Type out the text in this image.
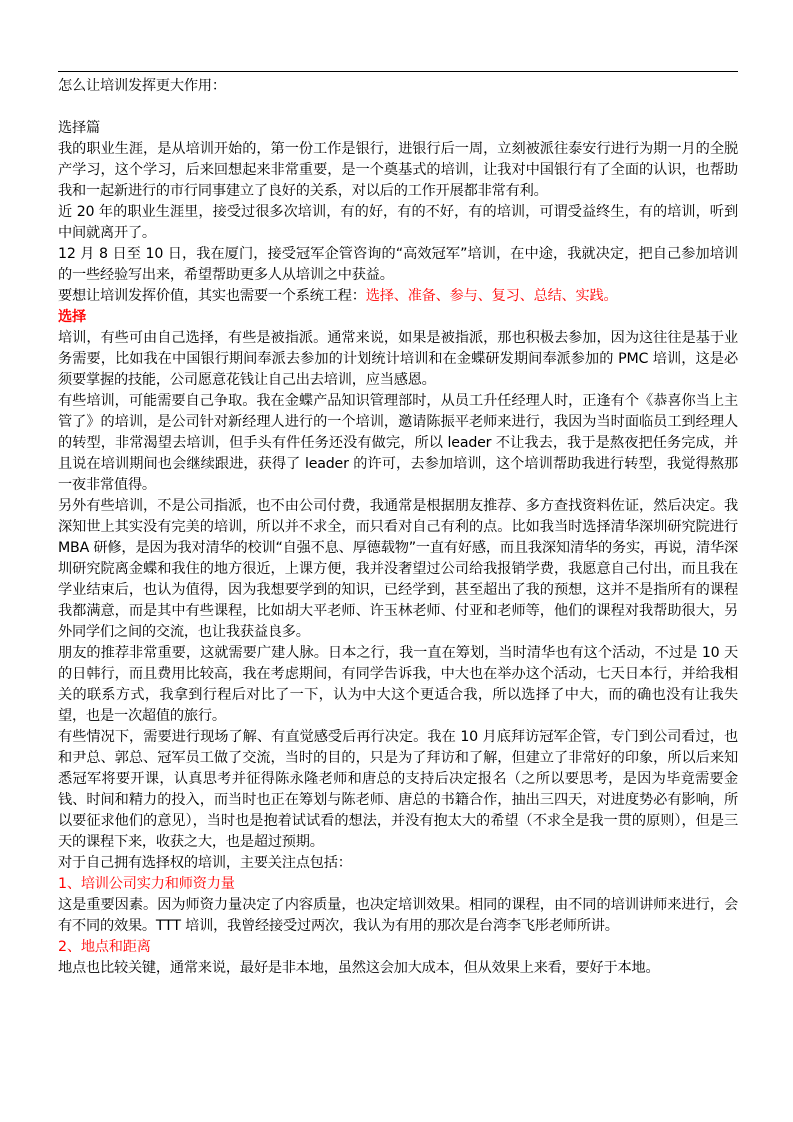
怎么让培训发挥更大作用：

选择篇

我的职业生涯，是从培训开始的，第一份工作是银行，进银行后一周，立刻被派往泰安行进行为期一月的全脱产学习，这个学习，后来回想起来非常重要，是一个奠基式的培训，让我对中国银行有了全面的认识，也帮助我和一起新进行的市行同事建立了良好的关系，对以后的工作开展都非常有利。

近 20 年的职业生涯里，接受过很多次培训，有的好，有的不好，有的培训，可谓受益终生，有的培训，听到中间就离开了。

12 月 8 日至 10 日，我在厦门，接受冠军企管咨询的“高效冠军”培训，在中途，我就决定，把自己参加培训的一些经验写出来，希望帮助更多人从培训之中获益。

要想让培训发挥价值，其实也需要一个系统工程：选择、准备、参与、复习、总结、实践。

选择

培训，有些可由自己选择，有些是被指派。通常来说，如果是被指派，那也积极去参加，因为这往往是基于业务需要，比如我在中国银行期间奉派去参加的计划统计培训和在金蝶研发期间奉派参加的 PMC 培训，这是必须要掌握的技能，公司愿意花钱让自己出去培训，应当感恩。

有些培训，可能需要自己争取。我在金蝶产品知识管理部时，从员工升任经理人时，正逢有个《恭喜你当上主管了》的培训，是公司针对新经理人进行的一个培训，邀请陈振平老师来进行，我因为当时面临员工到经理人的转型，非常渴望去培训，但手头有件任务还没有做完，所以 leader 不让我去，我于是熬夜把任务完成，并且说在培训期间也会继续跟进，获得了 leader 的许可，去参加培训，这个培训帮助我进行转型，我觉得熬那一夜非常值得。

另外有些培训，不是公司指派，也不由公司付费，我通常是根据朋友推荐、多方查找资料佐证，然后决定。我深知世上其实没有完美的培训，所以并不求全，而只看对自己有利的点。比如我当时选择清华深圳研究院进行 MBA 研修，是因为我对清华的校训“自强不息、厚德载物”一直有好感，而且我深知清华的务实，再说，清华深圳研究院离金蝶和我住的地方很近，上课方便，我并没奢望过公司给我报销学费，我愿意自己付出，而且我在学业结束后，也认为值得，因为我想要学到的知识，已经学到，甚至超出了我的预想，这并不是指所有的课程我都满意，而是其中有些课程，比如胡大平老师、许玉林老师、付亚和老师等，他们的课程对我帮助很大，另外同学们之间的交流，也让我获益良多。

朋友的推荐非常重要，这就需要广建人脉。日本之行，我一直在筹划，当时清华也有这个活动，不过是 10 天的日韩行，而且费用比较高，我在考虑期间，有同学告诉我，中大也在举办这个活动，七天日本行，并给我相关的联系方式，我拿到行程后对比了一下，认为中大这个更适合我，所以选择了中大，而的确也没有让我失望，也是一次超值的旅行。

有些情况下，需要进行现场了解、有直觉感受后再行决定。我在 10 月底拜访冠军企管，专门到公司看过，也和尹总、郭总、冠军员工做了交流，当时的目的，只是为了拜访和了解，但建立了非常好的印象，所以后来知悉冠军将要开课，认真思考并征得陈永隆老师和唐总的支持后决定报名（之所以要思考，是因为毕竟需要金钱、时间和精力的投入，而当时也正在筹划与陈老师、唐总的书籍合作，抽出三四天，对进度势必有影响，所以要征求他们的意见），当时也是抱着试试看的想法，并没有抱太大的希望（不求全是我一贯的原则），但是三天的课程下来，收获之大，也是超过预期。

对于自己拥有选择权的培训，主要关注点包括：

1、培训公司实力和师资力量

这是重要因素。因为师资力量决定了内容质量，也决定培训效果。相同的课程，由不同的培训讲师来进行，会有不同的效果。TTT 培训，我曾经接受过两次，我认为有用的那次是台湾李飞彤老师所讲。

2、地点和距离

地点也比较关键，通常来说，最好是非本地，虽然这会加大成本，但从效果上来看，要好于本地。
